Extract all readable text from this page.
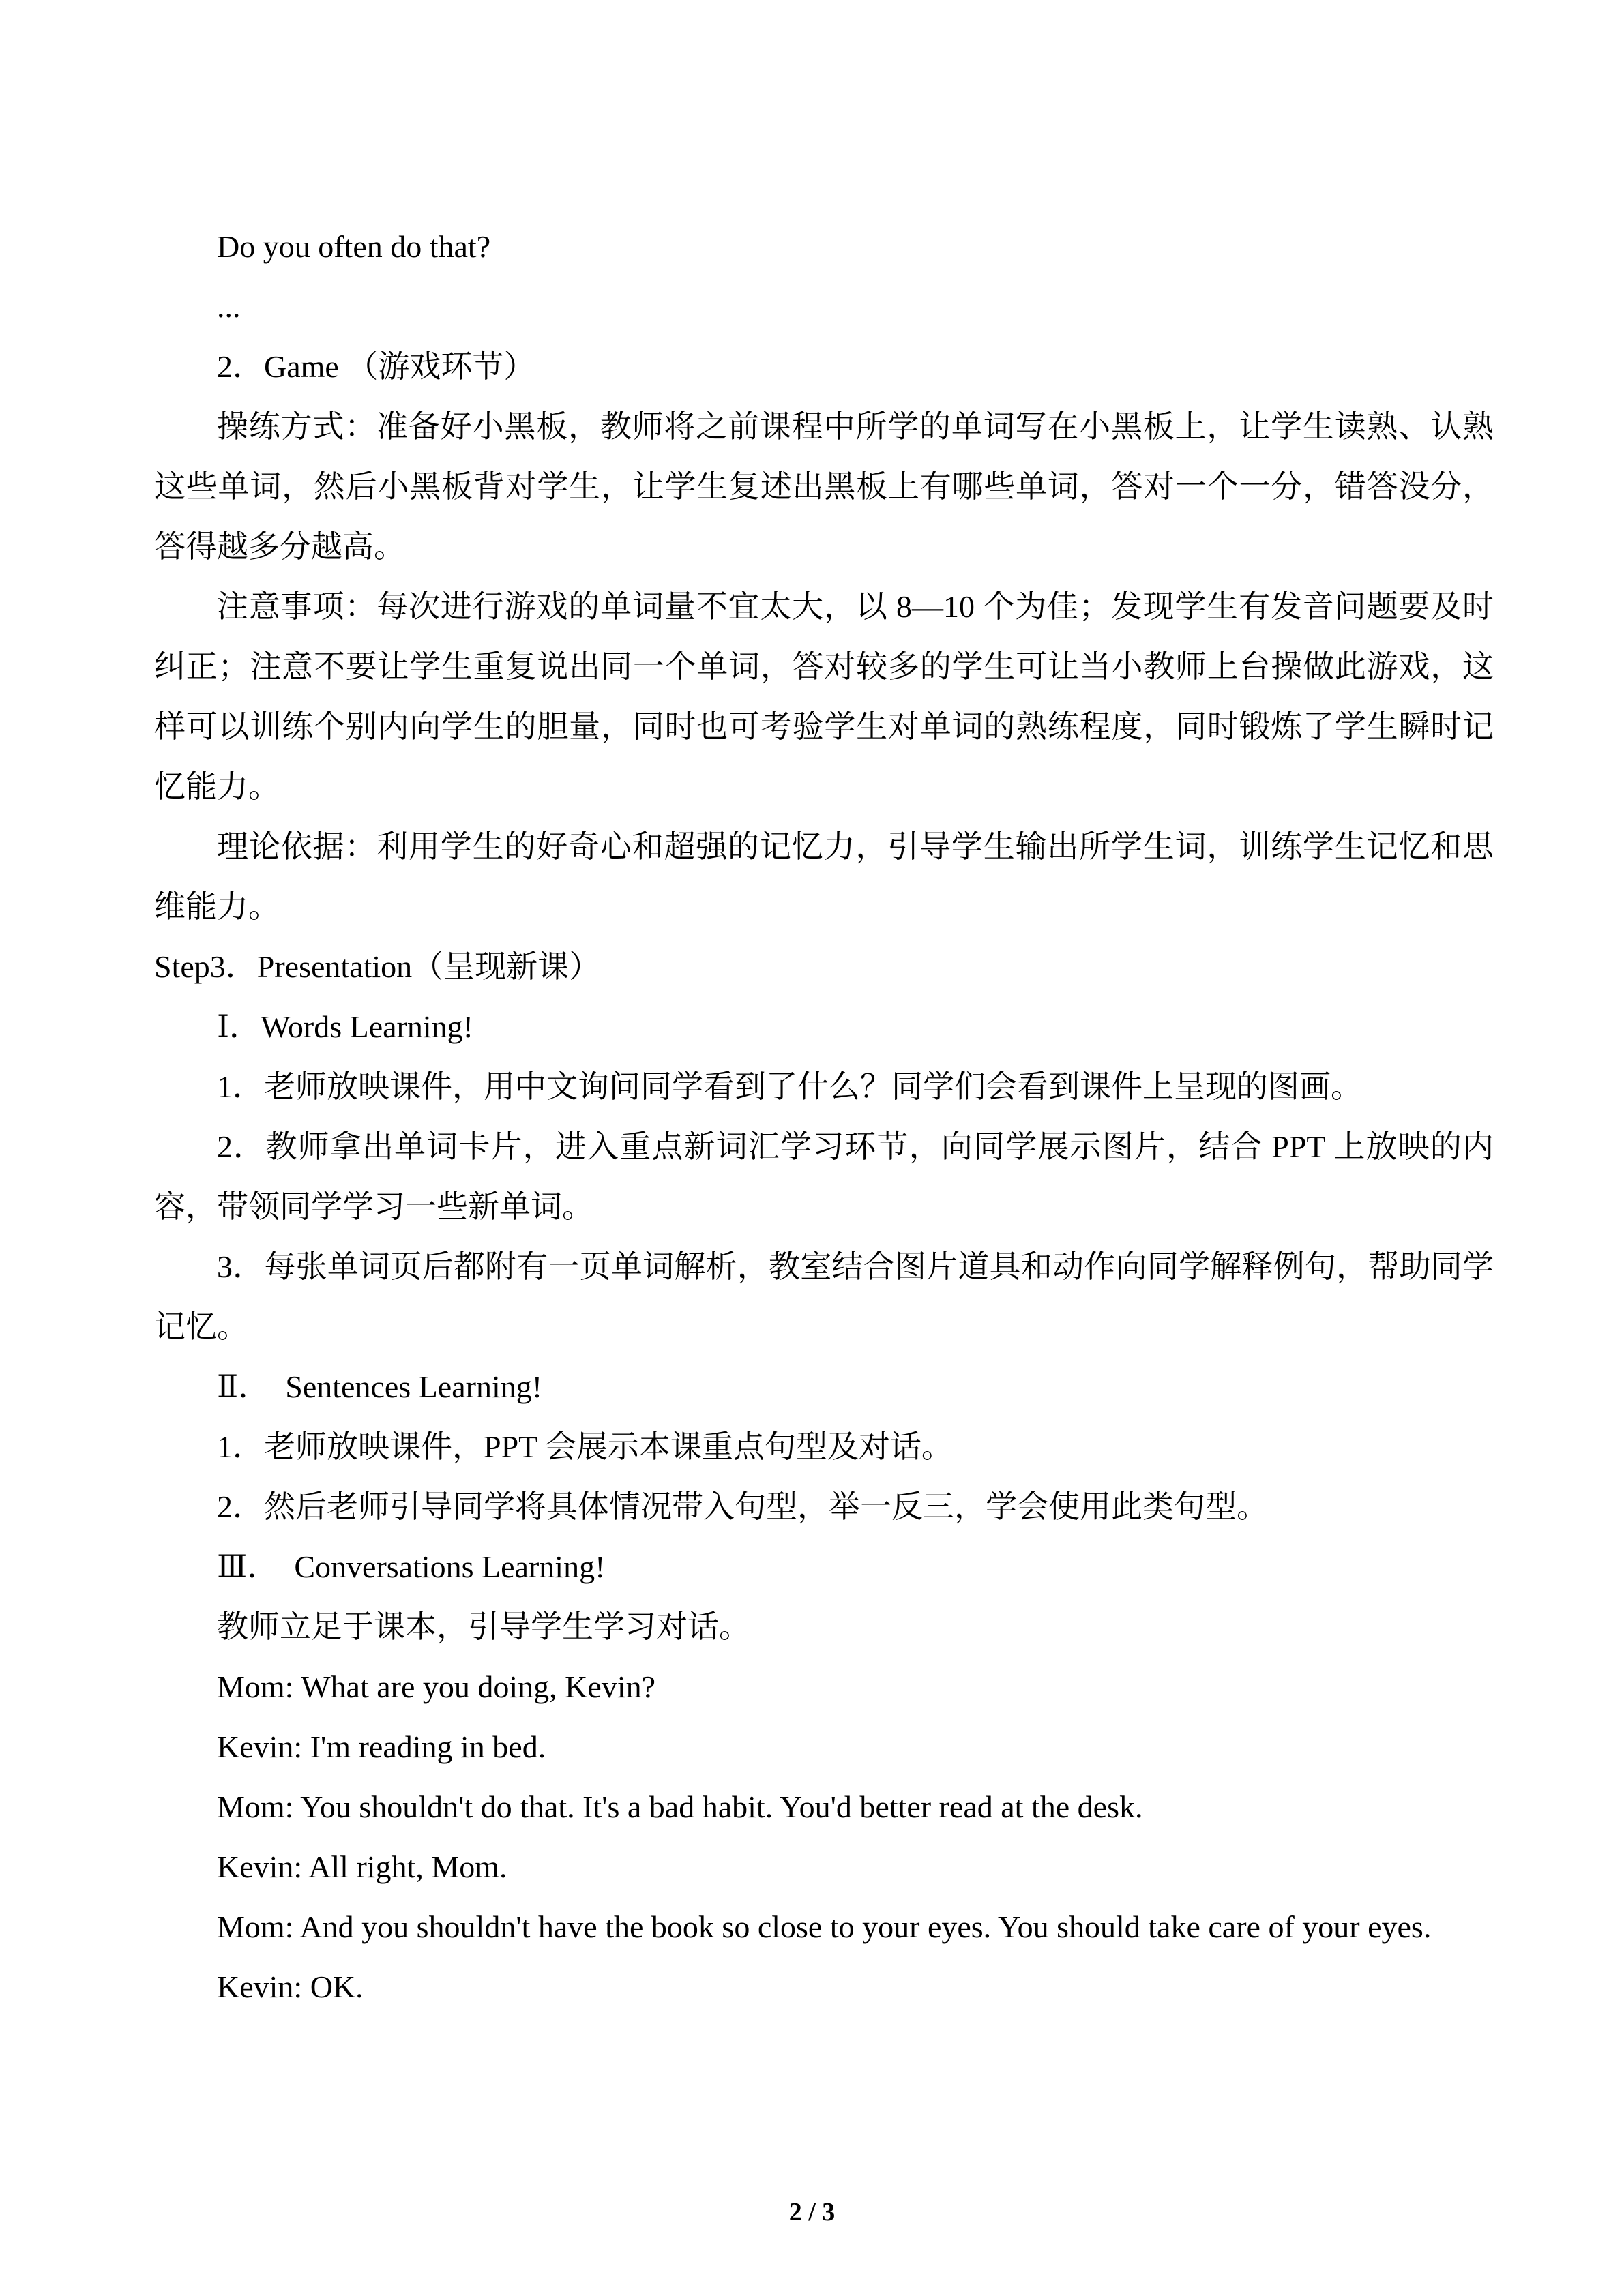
Do you often do that?

...

2．Game （游戏环节）

操练方式：准备好小黑板，教师将之前课程中所学的单词写在小黑板上，让学生读熟、认熟这些单词，然后小黑板背对学生，让学生复述出黑板上有哪些单词，答对一个一分，错答没分，答得越多分越高。

注意事项：每次进行游戏的单词量不宜太大，以 8—10 个为佳；发现学生有发音问题要及时纠正；注意不要让学生重复说出同一个单词，答对较多的学生可让当小教师上台操做此游戏，这样可以训练个别内向学生的胆量，同时也可考验学生对单词的熟练程度，同时锻炼了学生瞬时记忆能力。

理论依据：利用学生的好奇心和超强的记忆力，引导学生输出所学生词，训练学生记忆和思维能力。

Step3．Presentation（呈现新课）

Ⅰ．Words Learning!

1．老师放映课件，用中文询问同学看到了什么？同学们会看到课件上呈现的图画。

2．教师拿出单词卡片，进入重点新词汇学习环节，向同学展示图片，结合 PPT 上放映的内容，带领同学学习一些新单词。

3．每张单词页后都附有一页单词解析，教室结合图片道具和动作向同学解释例句，帮助同学记忆。

Ⅱ．　Sentences Learning!

1．老师放映课件，PPT 会展示本课重点句型及对话。

2．然后老师引导同学将具体情况带入句型，举一反三，学会使用此类句型。

Ⅲ．　Conversations Learning!

教师立足于课本，引导学生学习对话。

Mom: What are you doing, Kevin?

Kevin: I'm reading in bed.

Mom: You shouldn't do that. It's a bad habit. You'd better read at the desk.

Kevin: All right, Mom.

Mom: And you shouldn't have the book so close to your eyes. You should take care of your eyes.

Kevin: OK.

2 / 3
